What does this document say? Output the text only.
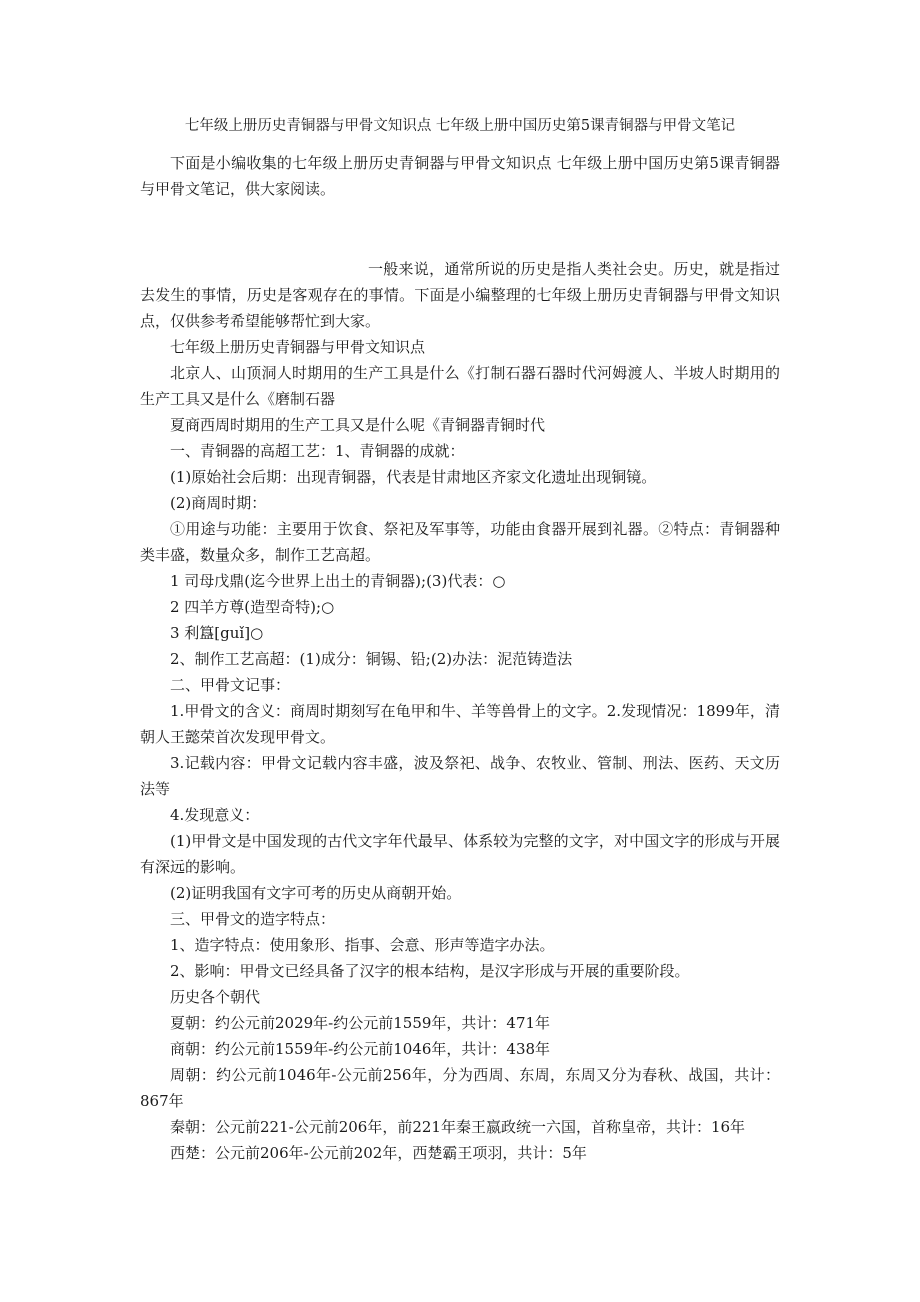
七年级上册历史青铜器与甲骨文知识点 七年级上册中国历史第5课青铜器与甲骨文笔记

下面是小编收集的七年级上册历史青铜器与甲骨文知识点 七年级上册中国历史第5课青铜器与甲骨文笔记，供大家阅读。

一般来说，通常所说的历史是指人类社会史。历史，就是指过去发生的事情，历史是客观存在的事情。下面是小编整理的七年级上册历史青铜器与甲骨文知识点，仅供参考希望能够帮忙到大家。

七年级上册历史青铜器与甲骨文知识点

北京人、山顶洞人时期用的生产工具是什么《打制石器石器时代河姆渡人、半坡人时期用的生产工具又是什么《磨制石器

夏商西周时期用的生产工具又是什么呢《青铜器青铜时代

一、青铜器的高超工艺：1、青铜器的成就：

(1)原始社会后期：出现青铜器，代表是甘肃地区齐家文化遗址出现铜镜。

(2)商周时期：

①用途与功能：主要用于饮食、祭祀及军事等，功能由食器开展到礼器。②特点：青铜器种类丰盛，数量众多，制作工艺高超。

1 司母戊鼎(迄今世界上出土的青铜器);(3)代表：○

2 四羊方尊(造型奇特);○

3 利簋[guǐ]○

2、制作工艺高超：(1)成分：铜锡、铅;(2)办法：泥范铸造法

二、甲骨文记事：

1.甲骨文的含义：商周时期刻写在龟甲和牛、羊等兽骨上的文字。2.发现情况：1899年，清朝人王懿荣首次发现甲骨文。

3.记载内容：甲骨文记载内容丰盛，波及祭祀、战争、农牧业、管制、刑法、医药、天文历法等

4.发现意义：

(1)甲骨文是中国发现的古代文字年代最早、体系较为完整的文字，对中国文字的形成与开展有深远的影响。

(2)证明我国有文字可考的历史从商朝开始。

三、甲骨文的造字特点：

1、造字特点：使用象形、指事、会意、形声等造字办法。

2、影响：甲骨文已经具备了汉字的根本结构，是汉字形成与开展的重要阶段。

历史各个朝代

夏朝：约公元前2029年-约公元前1559年，共计：471年

商朝：约公元前1559年-约公元前1046年，共计：438年

周朝：约公元前1046年-公元前256年，分为西周、东周，东周又分为春秋、战国，共计：867年

秦朝：公元前221-公元前206年，前221年秦王嬴政统一六国，首称皇帝，共计：16年

西楚：公元前206年-公元前202年，西楚霸王项羽，共计：5年
